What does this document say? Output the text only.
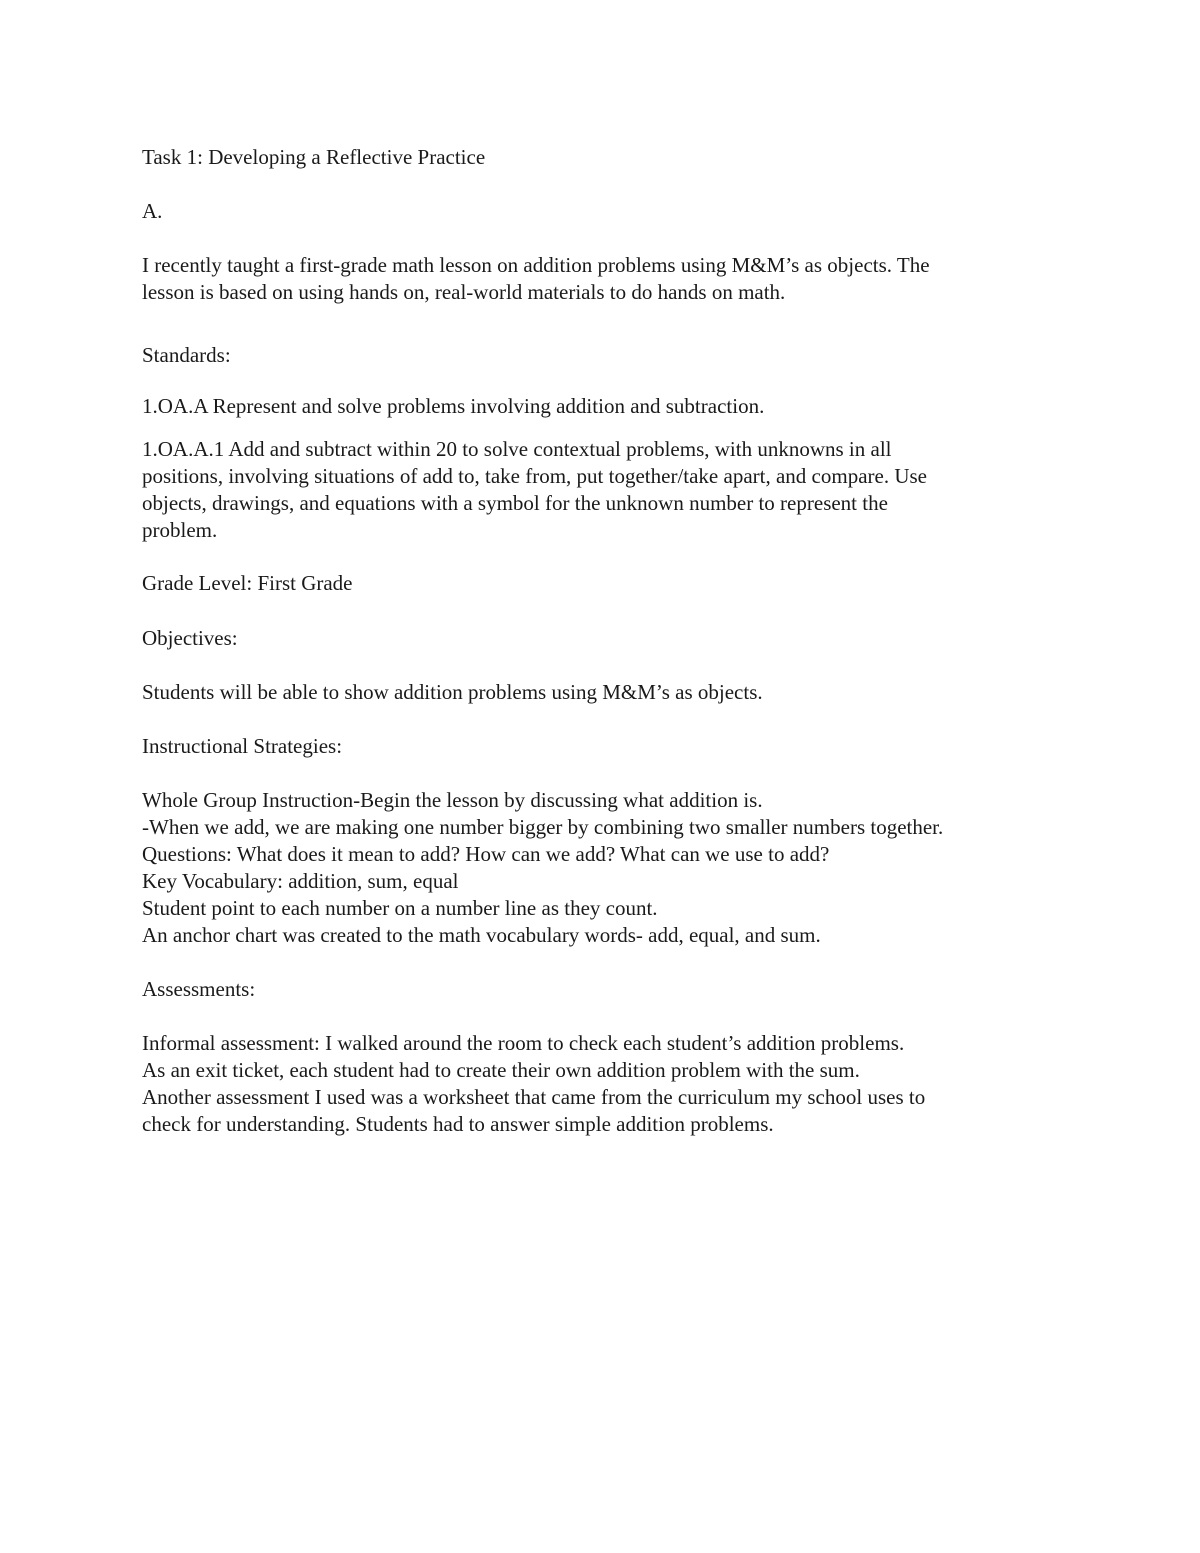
Task 1: Developing a Reflective Practice

A.

I recently taught a first-grade math lesson on addition problems using M&M’s as objects. The

lesson is based on using hands on, real-world materials to do hands on math.

Standards:

1.OA.A Represent and solve problems involving addition and subtraction.

1.OA.A.1 Add and subtract within 20 to solve contextual problems, with unknowns in all

positions, involving situations of add to, take from, put together/take apart, and compare. Use

objects, drawings, and equations with a symbol for the unknown number to represent the

problem.

Grade Level: First Grade

Objectives:

Students will be able to show addition problems using M&M’s as objects.

Instructional Strategies:

Whole Group Instruction-Begin the lesson by discussing what addition is.

-When we add, we are making one number bigger by combining two smaller numbers together.

Questions: What does it mean to add? How can we add? What can we use to add?

Key Vocabulary: addition, sum, equal

Student point to each number on a number line as they count.

An anchor chart was created to the math vocabulary words- add, equal, and sum.

Assessments:

Informal assessment: I walked around the room to check each student’s addition problems.

As an exit ticket, each student had to create their own addition problem with the sum.

Another assessment I used was a worksheet that came from the curriculum my school uses to

check for understanding. Students had to answer simple addition problems.
